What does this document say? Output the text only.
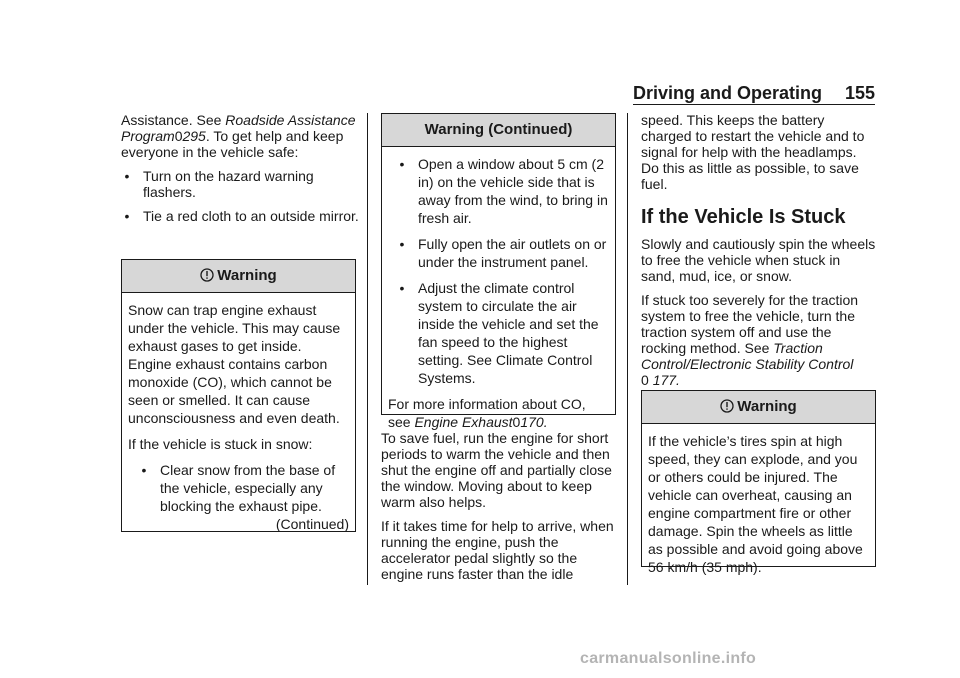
Driving and Operating 155

Assistance. See Roadside Assistance Program0295. To get help and keep everyone in the vehicle safe:

• Turn on the hazard warning flashers.
• Tie a red cloth to an outside mirror.
Warning

Snow can trap engine exhaust under the vehicle. This may cause exhaust gases to get inside. Engine exhaust contains carbon monoxide (CO), which cannot be seen or smelled. It can cause unconsciousness and even death.

If the vehicle is stuck in snow:

• Clear snow from the base of the vehicle, especially any blocking the exhaust pipe.

(Continued)

Warning (Continued)
• Open a window about 5 cm (2 in) on the vehicle side that is away from the wind, to bring in fresh air.
• Fully open the air outlets on or under the instrument panel.
• Adjust the climate control system to circulate the air inside the vehicle and set the fan speed to the highest setting. See Climate Control Systems.

For more information about CO, see Engine Exhaust0170.

To save fuel, run the engine for short periods to warm the vehicle and then shut the engine off and partially close the window. Moving about to keep warm also helps.

If it takes time for help to arrive, when running the engine, push the accelerator pedal slightly so the engine runs faster than the idle

speed. This keeps the battery charged to restart the vehicle and to signal for help with the headlamps. Do this as little as possible, to save fuel.

If the Vehicle Is Stuck

Slowly and cautiously spin the wheels to free the vehicle when stuck in sand, mud, ice, or snow.

If stuck too severely for the traction system to free the vehicle, turn the traction system off and use the rocking method. See Traction Control/Electronic Stability Control
0 177.

Warning

If the vehicle’s tires spin at high speed, they can explode, and you or others could be injured. The vehicle can overheat, causing an engine compartment fire or other damage. Spin the wheels as little as possible and avoid going above 56 km/h (35 mph).

carmanualsonline.info
